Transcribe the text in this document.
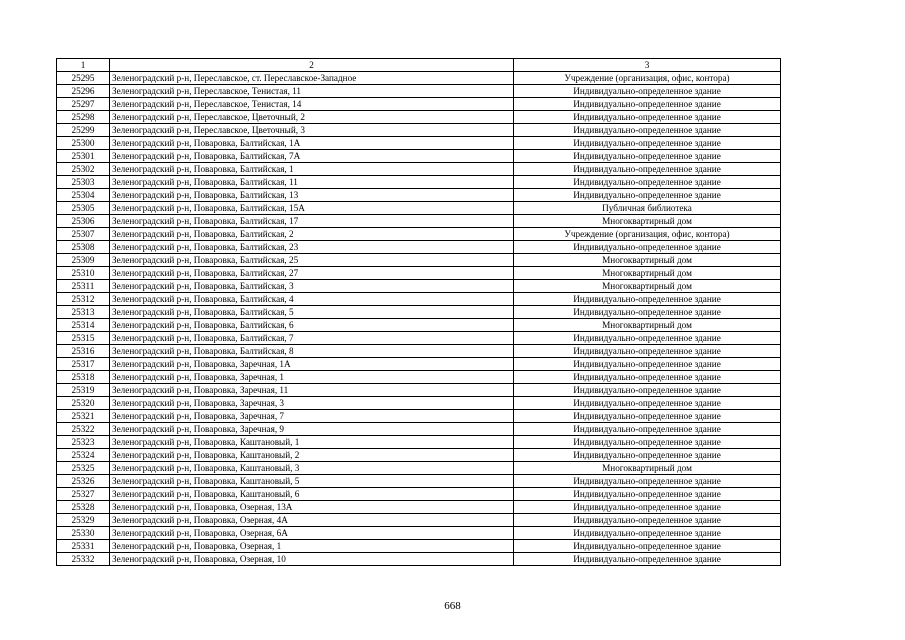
1	2	3
25295	Зеленоградский р-н, Переславское, ст. Переславское-Западное	Учреждение (организация, офис, контора)
25296	Зеленоградский р-н, Переславское, Тенистая, 11	Индивидуально-определенное здание
25297	Зеленоградский р-н, Переславское, Тенистая, 14	Индивидуально-определенное здание
25298	Зеленоградский р-н, Переславское, Цветочный, 2	Индивидуально-определенное здание
25299	Зеленоградский р-н, Переславское, Цветочный, 3	Индивидуально-определенное здание
25300	Зеленоградский р-н, Поваровка, Балтийская, 1А	Индивидуально-определенное здание
25301	Зеленоградский р-н, Поваровка, Балтийская, 7А	Индивидуально-определенное здание
25302	Зеленоградский р-н, Поваровка, Балтийская, 1	Индивидуально-определенное здание
25303	Зеленоградский р-н, Поваровка, Балтийская, 11	Индивидуально-определенное здание
25304	Зеленоградский р-н, Поваровка, Балтийская, 13	Индивидуально-определенное здание
25305	Зеленоградский р-н, Поваровка, Балтийская, 15А	Публичная библиотека
25306	Зеленоградский р-н, Поваровка, Балтийская, 17	Многоквартирный дом
25307	Зеленоградский р-н, Поваровка, Балтийская, 2	Учреждение (организация, офис, контора)
25308	Зеленоградский р-н, Поваровка, Балтийская, 23	Индивидуально-определенное здание
25309	Зеленоградский р-н, Поваровка, Балтийская, 25	Многоквартирный дом
25310	Зеленоградский р-н, Поваровка, Балтийская, 27	Многоквартирный дом
25311	Зеленоградский р-н, Поваровка, Балтийская, 3	Многоквартирный дом
25312	Зеленоградский р-н, Поваровка, Балтийская, 4	Индивидуально-определенное здание
25313	Зеленоградский р-н, Поваровка, Балтийская, 5	Индивидуально-определенное здание
25314	Зеленоградский р-н, Поваровка, Балтийская, 6	Многоквартирный дом
25315	Зеленоградский р-н, Поваровка, Балтийская, 7	Индивидуально-определенное здание
25316	Зеленоградский р-н, Поваровка, Балтийская, 8	Индивидуально-определенное здание
25317	Зеленоградский р-н, Поваровка, Заречная, 1А	Индивидуально-определенное здание
25318	Зеленоградский р-н, Поваровка, Заречная, 1	Индивидуально-определенное здание
25319	Зеленоградский р-н, Поваровка, Заречная, 11	Индивидуально-определенное здание
25320	Зеленоградский р-н, Поваровка, Заречная, 3	Индивидуально-определенное здание
25321	Зеленоградский р-н, Поваровка, Заречная, 7	Индивидуально-определенное здание
25322	Зеленоградский р-н, Поваровка, Заречная, 9	Индивидуально-определенное здание
25323	Зеленоградский р-н, Поваровка, Каштановый, 1	Индивидуально-определенное здание
25324	Зеленоградский р-н, Поваровка, Каштановый, 2	Индивидуально-определенное здание
25325	Зеленоградский р-н, Поваровка, Каштановый, 3	Многоквартирный дом
25326	Зеленоградский р-н, Поваровка, Каштановый, 5	Индивидуально-определенное здание
25327	Зеленоградский р-н, Поваровка, Каштановый, 6	Индивидуально-определенное здание
25328	Зеленоградский р-н, Поваровка, Озерная, 13А	Индивидуально-определенное здание
25329	Зеленоградский р-н, Поваровка, Озерная, 4А	Индивидуально-определенное здание
25330	Зеленоградский р-н, Поваровка, Озерная, 6А	Индивидуально-определенное здание
25331	Зеленоградский р-н, Поваровка, Озерная, 1	Индивидуально-определенное здание
25332	Зеленоградский р-н, Поваровка, Озерная, 10	Индивидуально-определенное здание
668
